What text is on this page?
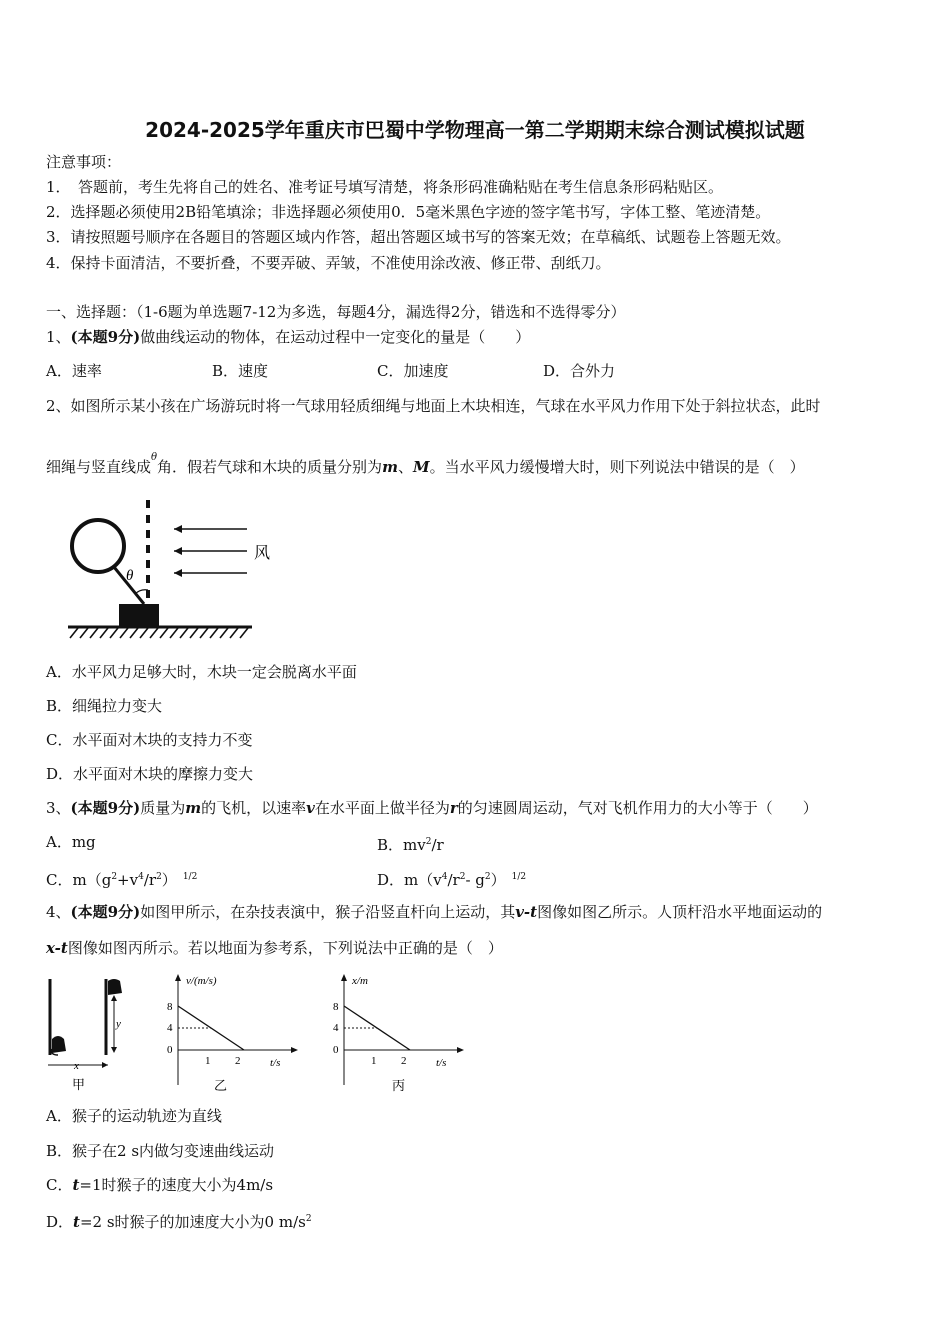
2024-2025学年重庆市巴蜀中学物理高一第二学期期末综合测试模拟试题
注意事项：
1．　答题前，考生先将自己的姓名、准考证号填写清楚，将条形码准确粘贴在考生信息条形码粘贴区。
2．选择题必须使用2B铅笔填涂；非选择题必须使用0．5毫米黑色字迹的签字笔书写，字体工整、笔迹清楚。
3．请按照题号顺序在各题目的答题区域内作答，超出答题区域书写的答案无效；在草稿纸、试题卷上答题无效。
4．保持卡面清洁，不要折叠，不要弄破、弄皱，不准使用涂改液、修正带、刮纸刀。
一、选择题：（1-6题为单选题7-12为多选，每题4分，漏选得2分，错选和不选得零分）
1、(本题9分)做曲线运动的物体，在运动过程中一定变化的量是（　　）
A．速率	B．速度	C．加速度	D．合外力
2、如图所示某小孩在广场游玩时将一气球用轻质细绳与地面上木块相连，气球在水平风力作用下处于斜拉状态，此时
细绳与竖直线成$^\theta$角．假若气球和木块的质量分别为m、M。当水平风力缓慢增大时，则下列说法中错误的是（　）
θ
风
A．水平风力足够大时，木块一定会脱离水平面
B．细绳拉力变大
C．水平面对木块的支持力不变
D．水平面对木块的摩擦力变大
3、(本题9分)质量为m的飞机，以速率v在水平面上做半径为r的匀速圆周运动，气对飞机作用力的大小等于（　　）
A．mg	B．$mv^2/r$
C．$m(g^2+v^4/r^2)$ $^{1/2}$	D．$m(v^4/r^2-$ $g^2$） $^{1/2}$
4、(本题9分)如图甲所示，在杂技表演中，猴子沿竖直杆向上运动，其v-t图像如图乙所示。人顶杆沿水平地面运动的
x-t图像如图丙所示。若以地面为参考系，下列说法中正确的是（　）
y
x
甲
v/(m/s)
t/s
8
4
0
1 2
乙
x/m
t/s
8
4
0
1 2
丙
A．猴子的运动轨迹为直线
B．猴子在2 s内做匀变速曲线运动
C．t=1时猴子的速度大小为4m/s
D．t=2 s时猴子的加速度大小为0 $m/s^2$
